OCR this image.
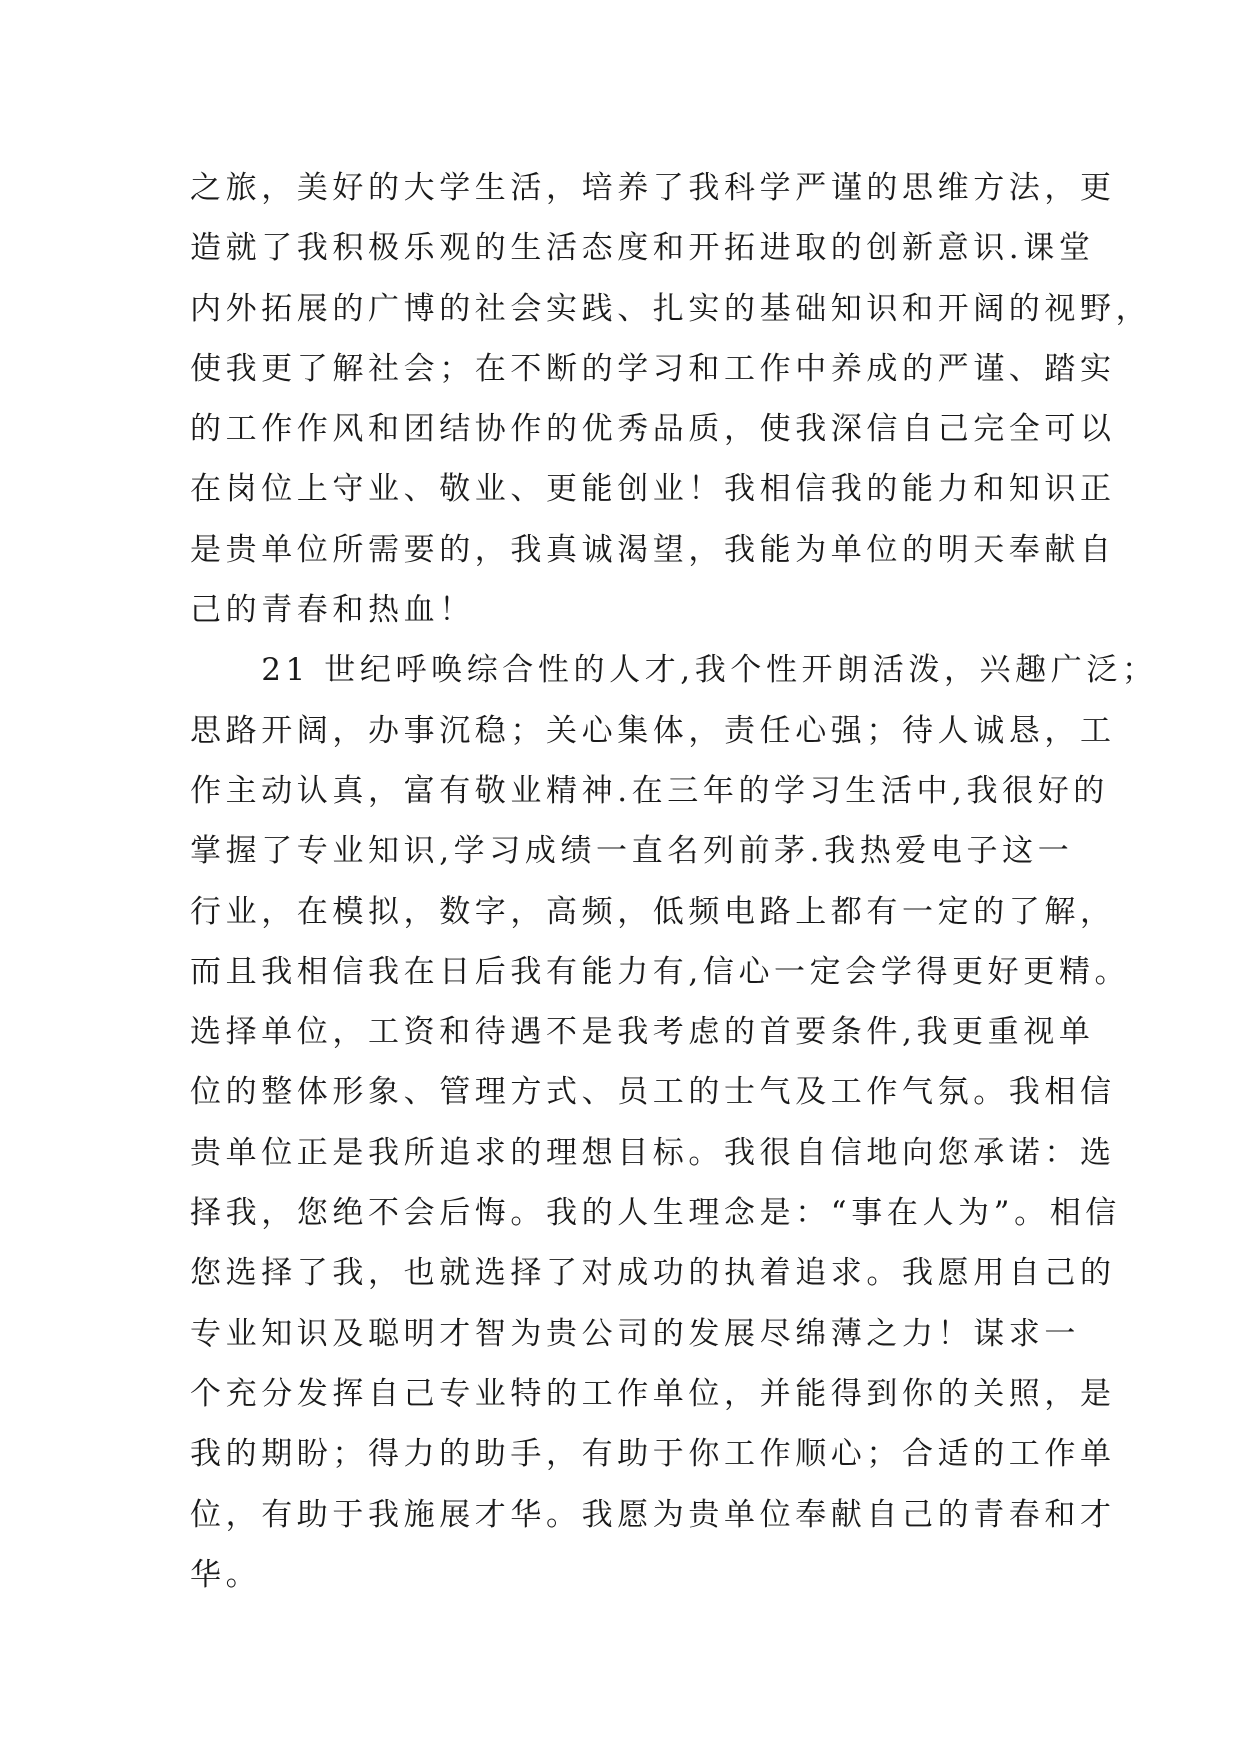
之旅，美好的大学生活，培养了我科学严谨的思维方法，更
造就了我积极乐观的生活态度和开拓进取的创新意识.课堂
内外拓展的广博的社会实践、扎实的基础知识和开阔的视野，
使我更了解社会；在不断的学习和工作中养成的严谨、踏实
的工作作风和团结协作的优秀品质，使我深信自己完全可以
在岗位上守业、敬业、更能创业！我相信我的能力和知识正
是贵单位所需要的，我真诚渴望，我能为单位的明天奉献自
己的青春和热血！
　　21 世纪呼唤综合性的人才,我个性开朗活泼，兴趣广泛；
思路开阔，办事沉稳；关心集体，责任心强；待人诚恳，工
作主动认真，富有敬业精神.在三年的学习生活中,我很好的
掌握了专业知识,学习成绩一直名列前茅.我热爱电子这一
行业，在模拟，数字，高频，低频电路上都有一定的了解，
而且我相信我在日后我有能力有,信心一定会学得更好更精。
选择单位，工资和待遇不是我考虑的首要条件,我更重视单
位的整体形象、管理方式、员工的士气及工作气氛。我相信
贵单位正是我所追求的理想目标。我很自信地向您承诺：选
择我，您绝不会后悔。我的人生理念是：“事在人为”。相信
您选择了我，也就选择了对成功的执着追求。我愿用自己的
专业知识及聪明才智为贵公司的发展尽绵薄之力！谋求一
个充分发挥自己专业特的工作单位，并能得到你的关照，是
我的期盼；得力的助手，有助于你工作顺心；合适的工作单
位，有助于我施展才华。我愿为贵单位奉献自己的青春和才
华。
